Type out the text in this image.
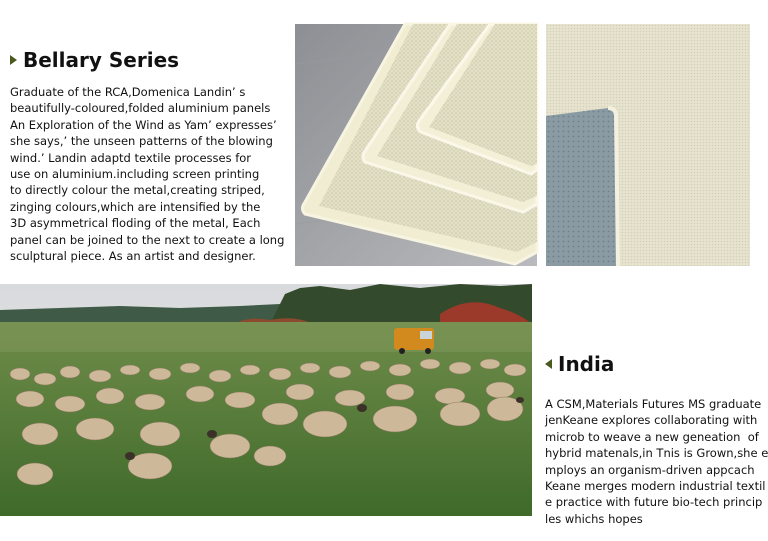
Bellary Series
Graduate of the RCA,Domenica Landin’ s
beautifully-coloured,folded aluminium panels
An Exploration of the Wind as Yam’ expresses’
she says,’ the unseen patterns of the blowing
wind.’ Landin adaptd textile processes for
use on aluminium.including screen printing
to directly colour the metal,creating striped,
zinging colours,which are intensified by the
3D asymmetrical floding of the metal, Each
panel can be joined to the next to create a long
sculptural piece. As an artist and designer.
India
A CSM,Materials Futures MS graduate
jenKeane explores collaborating with
microb to weave a new geneation  of
hybrid matenals,in Tnis is Grown,she e
mploys an organism-driven appcach
Keane merges modern industrial textil
e practice with future bio-tech princip
les whichs hopes
